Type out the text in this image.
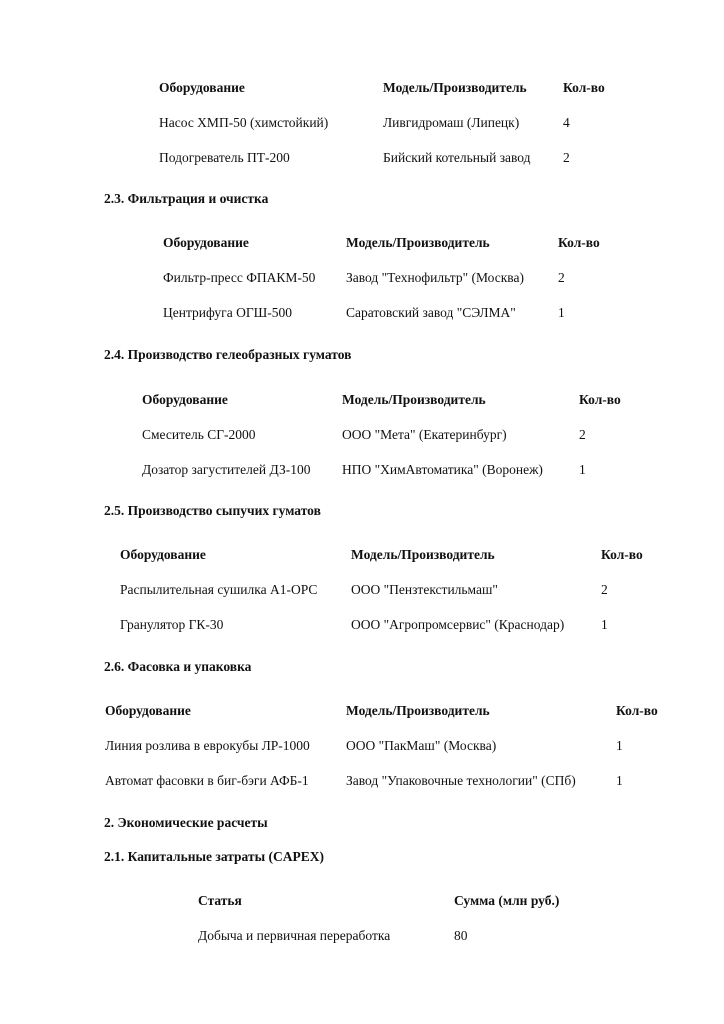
Оборудование	Модель/Производитель	Кол-во
Насос ХМП-50 (химстойкий)	Ливгидромаш (Липецк)	4
Подогреватель ПТ-200	Бийский котельный завод	2
2.3. Фильтрация и очистка
Оборудование	Модель/Производитель	Кол-во
Фильтр-пресс ФПАКМ-50	Завод "Технофильтр" (Москва)	2
Центрифуга ОГШ-500	Саратовский завод "СЭЛМА"	1
2.4. Производство гелеобразных гуматов
Оборудование	Модель/Производитель	Кол-во
Смеситель СГ-2000	ООО "Мета" (Екатеринбург)	2
Дозатор загустителей ДЗ-100	НПО "ХимАвтоматика" (Воронеж)	1
2.5. Производство сыпучих гуматов
Оборудование	Модель/Производитель	Кол-во
Распылительная сушилка А1-ОРС	ООО "Пензтекстильмаш"	2
Гранулятор ГК-30	ООО "Агропромсервис" (Краснодар)	1
2.6. Фасовка и упаковка
Оборудование	Модель/Производитель	Кол-во
Линия розлива в еврокубы ЛР-1000	ООО "ПакМаш" (Москва)	1
Автомат фасовки в биг-бэги АФБ-1	Завод "Упаковочные технологии" (СПб)	1
2. Экономические расчеты
2.1. Капитальные затраты (CAPEX)
Статья	Сумма (млн руб.)
Добыча и первичная переработка	80
